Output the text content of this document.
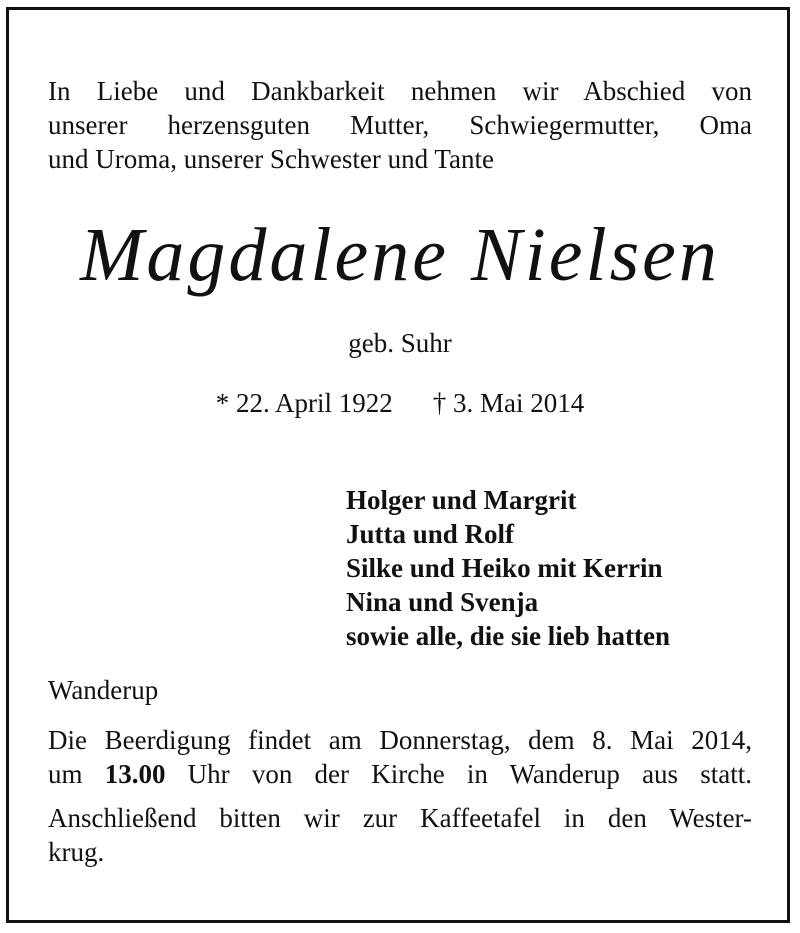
In Liebe und Dankbarkeit nehmen wir Abschied von
unserer herzensguten Mutter, Schwiegermutter, Oma
und Uroma, unserer Schwester und Tante
Magdalene Nielsen
geb. Suhr
* 22. April 1922 † 3. Mai 2014
Holger und Margrit
Jutta und Rolf
Silke und Heiko mit Kerrin
Nina und Svenja
sowie alle, die sie lieb hatten
Wanderup
Die Beerdigung findet am Donnerstag, dem 8. Mai 2014,
um 13.00 Uhr von der Kirche in Wanderup aus statt.
Anschließend bitten wir zur Kaffeetafel in den Wester-
krug.
